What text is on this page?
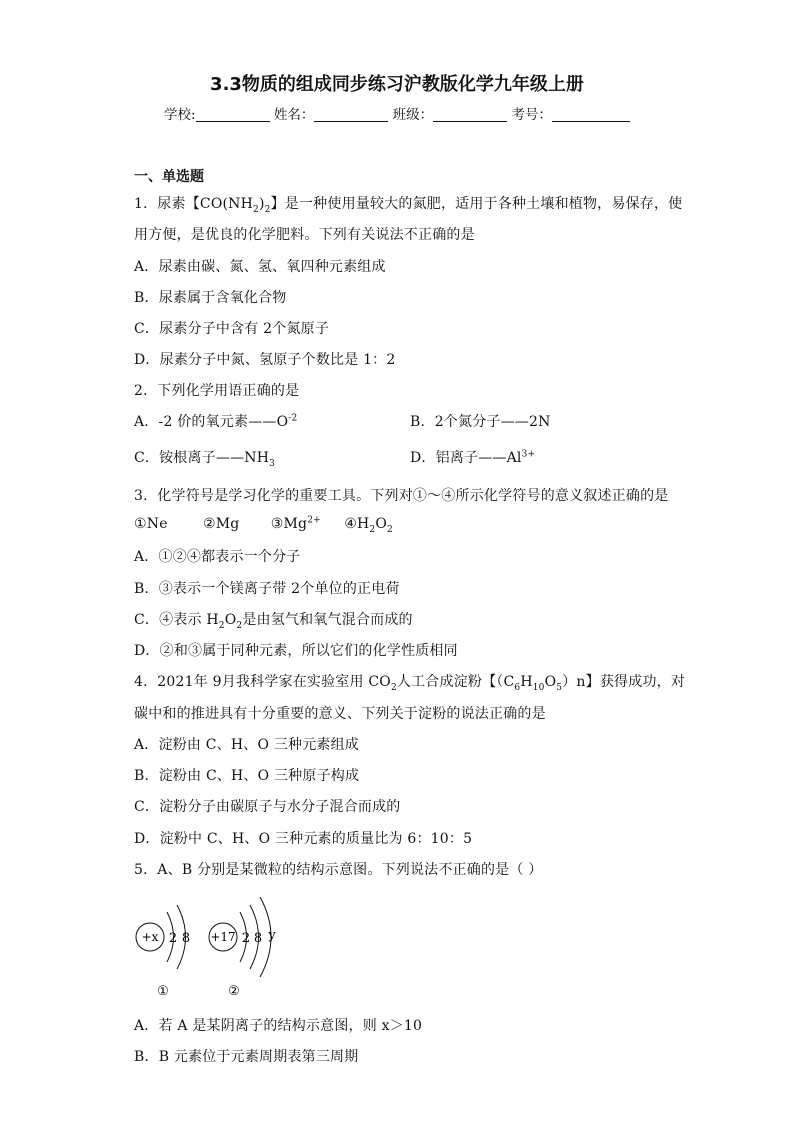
3.3物质的组成同步练习沪教版化学九年级上册
学校:	姓名：	班级：	考号：
一、单选题
1．尿素【$CO(NH_2)_2$】是一种使用量较大的氮肥，适用于各种土壤和植物，易保存，使
用方便，是优良的化学肥料。下列有关说法不正确的是
A．尿素由碳、氮、氢、氧四种元素组成
B．尿素属于含氧化合物
C．尿素分子中含有 2个氮原子
D．尿素分子中氮、氢原子个数比是 1：2
2．下列化学用语正确的是
A．-2 价的氧元素$——O^{-2}$	B．2个氮分子——2N
C．铵根离子$——NH_3$	D．铝离子$——Al^{3+}$
3．化学符号是学习化学的重要工具。下列对①～④所示化学符号的意义叙述正确的是
①Ne	②Mg $③Mg^{2+}$ $④H_2O_2$
A．①②④都表示一个分子
B．③表示一个镁离子带 2个单位的正电荷
C．④表示 $H_2O_2$是由氢气和氧气混合而成的
D．②和③属于同种元素，所以它们的化学性质相同
4．2021年 9月我科学家在实验室用 $CO_2$人工合成淀粉【$(C_6H_{10}O_5)n$】获得成功，对
碳中和的推进具有十分重要的意义、下列关于淀粉的说法正确的是
A．淀粉由 C、H、O 三种元素组成
B．淀粉由 C、H、O 三种原子构成
C．淀粉分子由碳原子与水分子混合而成的
D．淀粉中 C、H、O 三种元素的质量比为 6：10：5
5．A、B 分别是某微粒的结构示意图。下列说法不正确的是（ ）
+x 2 8
①
+17 2 8 y
②
A．若 A 是某阴离子的结构示意图，则 x＞10
B．B 元素位于元素周期表第三周期
